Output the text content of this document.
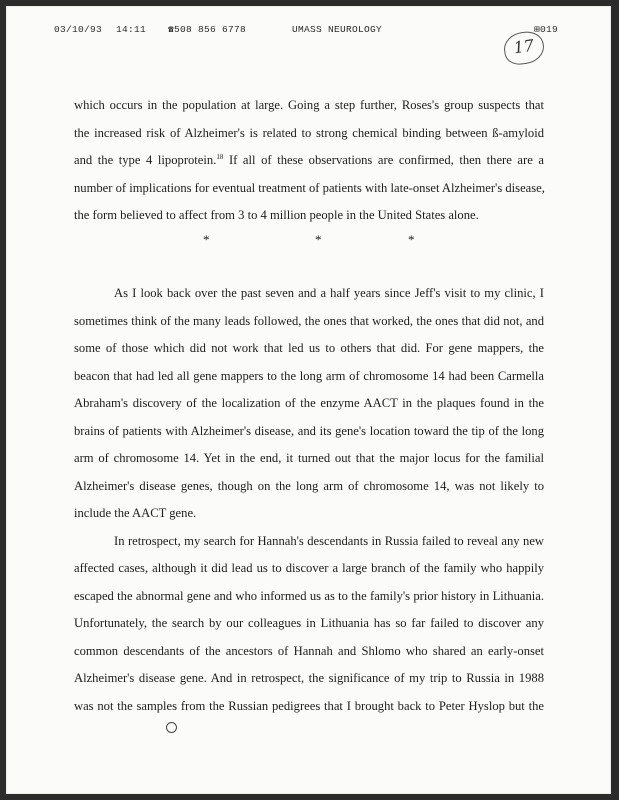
03/10/93 14:11 ☎508 856 6778	UMASS NEUROLOGY	⊞019
17

which occurs in the population at large. Going a step further, Roses's group suspects that
the increased risk of Alzheimer's is related to strong chemical binding between ß-amyloid
and the type 4 lipoprotein.$^{18}$ If all of these observations are confirmed, then there are a
number of implications for eventual treatment of patients with late-onset Alzheimer's disease,
the form believed to affect from 3 to 4 million people in the United States alone.

*	*	*

As I look back over the past seven and a half years since Jeff's visit to my clinic, I
sometimes think of the many leads followed, the ones that worked, the ones that did not, and
some of those which did not work that led us to others that did. For gene mappers, the
beacon that had led all gene mappers to the long arm of chromosome 14 had been Carmella
Abraham's discovery of the localization of the enzyme AACT in the plaques found in the
brains of patients with Alzheimer's disease, and its gene's location toward the tip of the long
arm of chromosome 14. Yet in the end, it turned out that the major locus for the familial
Alzheimer's disease genes, though on the long arm of chromosome 14, was not likely to
include the AACT gene.

In retrospect, my search for Hannah's descendants in Russia failed to reveal any new
affected cases, although it did lead us to discover a large branch of the family who happily
escaped the abnormal gene and who informed us as to the family's prior history in Lithuania.
Unfortunately, the search by our colleagues in Lithuania has so far failed to discover any
common descendants of the ancestors of Hannah and Shlomo who shared an early-onset
Alzheimer's disease gene. And in retrospect, the significance of my trip to Russia in 1988
was not the samples from the Russian pedigrees that I brought back to Peter Hyslop but the
